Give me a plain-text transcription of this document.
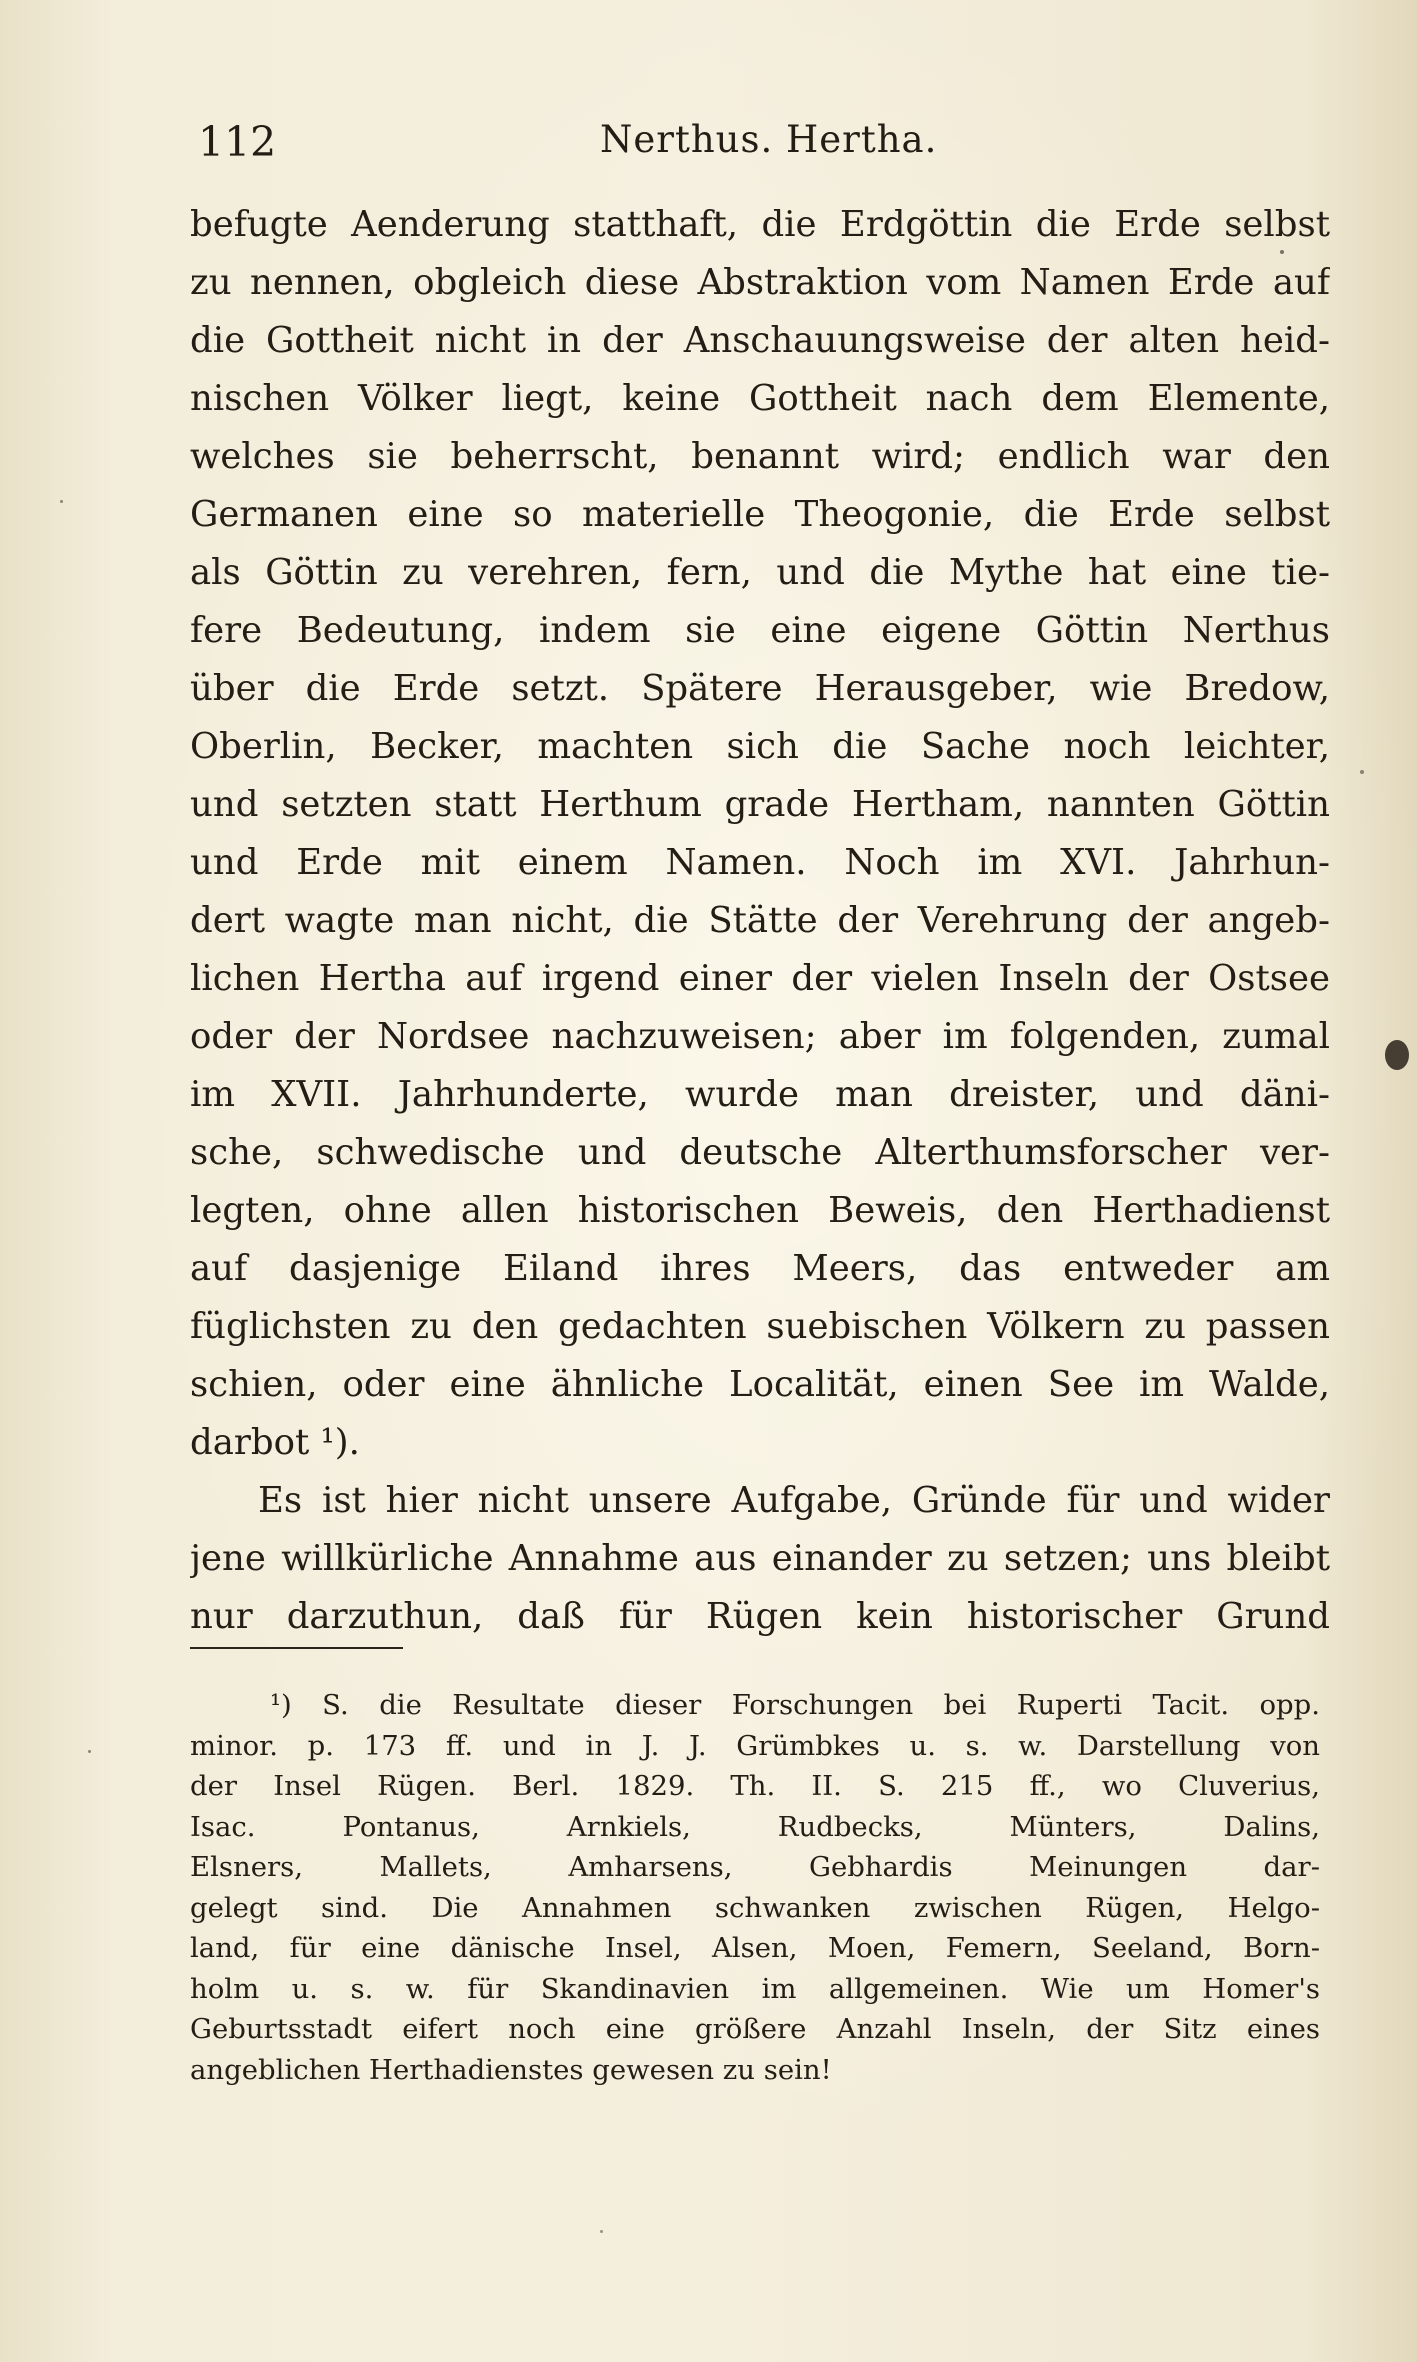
112	Nerthus. Hertha.
befugte Aenderung statthaft, die Erdgöttin die Erde selbst
zu nennen, obgleich diese Abstraktion vom Namen Erde auf
die Gottheit nicht in der Anschauungsweise der alten heid-
nischen Völker liegt, keine Gottheit nach dem Elemente,
welches sie beherrscht, benannt wird; endlich war den
Germanen eine so materielle Theogonie, die Erde selbst
als Göttin zu verehren, fern, und die Mythe hat eine tie-
fere Bedeutung, indem sie eine eigene Göttin Nerthus
über die Erde setzt. Spätere Herausgeber, wie Bredow,
Oberlin, Becker, machten sich die Sache noch leichter,
und setzten statt Herthum grade Hertham, nannten Göttin
und Erde mit einem Namen. Noch im XVI. Jahrhun-
dert wagte man nicht, die Stätte der Verehrung der angeb-
lichen Hertha auf irgend einer der vielen Inseln der Ostsee
oder der Nordsee nachzuweisen; aber im folgenden, zumal
im XVII. Jahrhunderte, wurde man dreister, und däni-
sche, schwedische und deutsche Alterthumsforscher ver-
legten, ohne allen historischen Beweis, den Herthadienst
auf dasjenige Eiland ihres Meers, das entweder am
füglichsten zu den gedachten suebischen Völkern zu passen
schien, oder eine ähnliche Localität, einen See im Walde,
darbot ¹).
Es ist hier nicht unsere Aufgabe, Gründe für und wider
jene willkürliche Annahme aus einander zu setzen; uns bleibt
nur darzuthun, daß für Rügen kein historischer Grund
¹) S. die Resultate dieser Forschungen bei Ruperti Tacit. opp.
minor. p. 173 ff. und in J. J. Grümbkes u. s. w. Darstellung von
der Insel Rügen. Berl. 1829. Th. II. S. 215 ff., wo Cluverius,
Isac. Pontanus, Arnkiels, Rudbecks, Münters, Dalins,
Elsners, Mallets, Amharsens, Gebhardis Meinungen dar-
gelegt sind. Die Annahmen schwanken zwischen Rügen, Helgo-
land, für eine dänische Insel, Alsen, Moen, Femern, Seeland, Born-
holm u. s. w. für Skandinavien im allgemeinen. Wie um Homer's
Geburtsstadt eifert noch eine größere Anzahl Inseln, der Sitz eines
angeblichen Herthadienstes gewesen zu sein!
